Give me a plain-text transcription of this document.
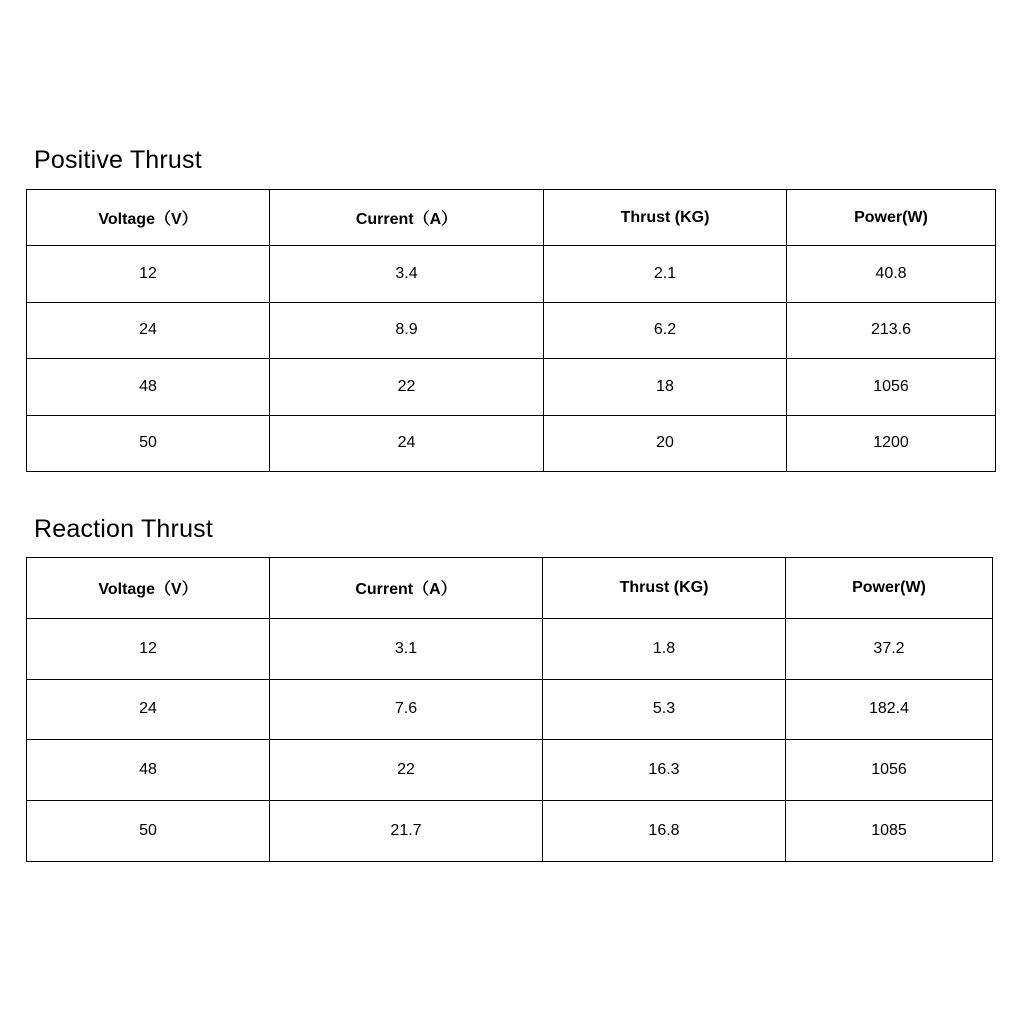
Positive Thrust
Voltage（V）	Current（A）	Thrust (KG)	Power(W)
12	3.4	2.1	40.8
24	8.9	6.2	213.6
48	22	18	1056
50	24	20	1200
Reaction Thrust
Voltage（V）	Current（A）	Thrust (KG)	Power(W)
12	3.1	1.8	37.2
24	7.6	5.3	182.4
48	22	16.3	1056
50	21.7	16.8	1085
